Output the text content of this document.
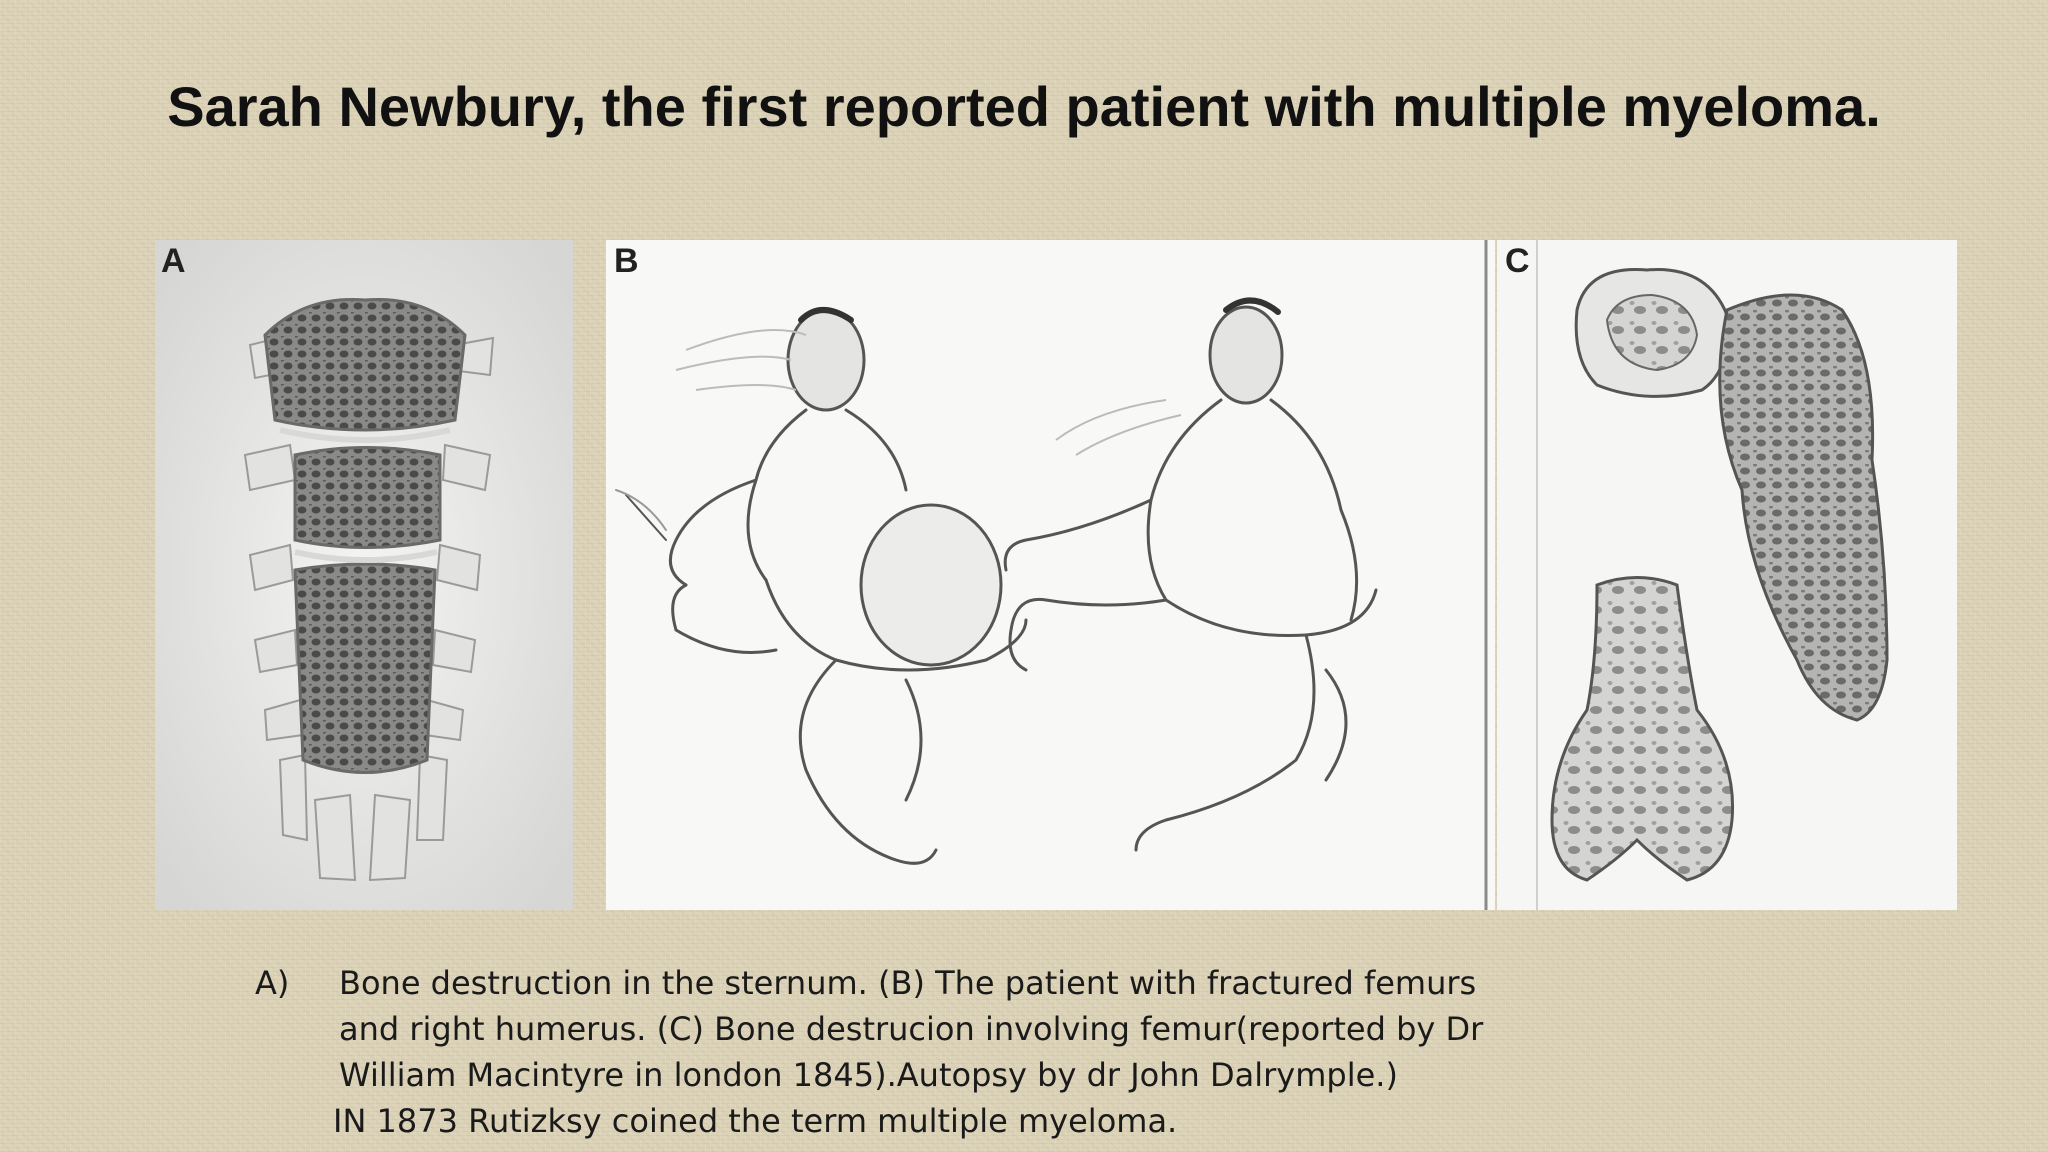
Sarah Newbury, the first reported patient with multiple myeloma.
A	B	C
A) Bone destruction in the sternum. (B) The patient with fractured femurs
and right humerus. (C) Bone destrucion involving femur(reported by Dr
William Macintyre in london 1845).Autopsy by dr John Dalrymple.)
IN 1873 Rutizksy coined the term multiple myeloma.
